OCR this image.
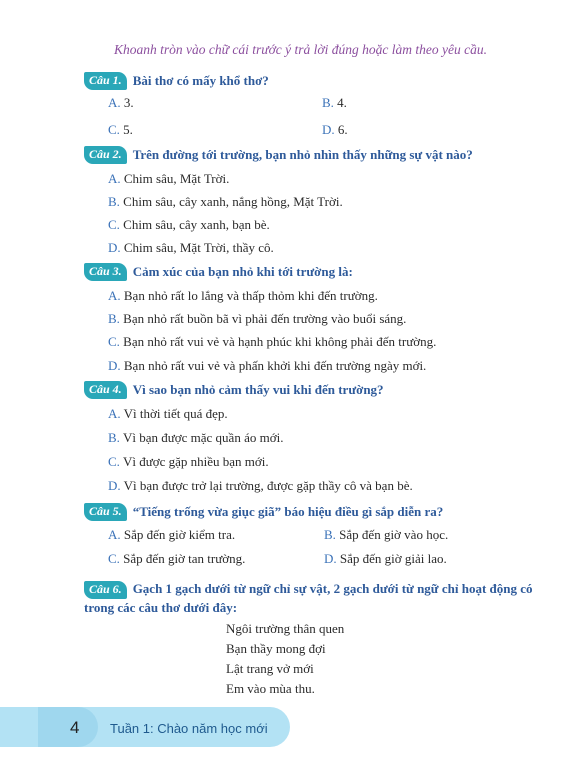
Khoanh tròn vào chữ cái trước ý trả lời đúng hoặc làm theo yêu cầu.
Câu 1. Bài thơ có mấy khổ thơ?
A. 3.	B. 4.
C. 5.	D. 6.
Câu 2. Trên đường tới trường, bạn nhỏ nhìn thấy những sự vật nào?
A. Chim sâu, Mặt Trời.
B. Chim sâu, cây xanh, nắng hồng, Mặt Trời.
C. Chim sâu, cây xanh, bạn bè.
D. Chim sâu, Mặt Trời, thầy cô.
Câu 3. Cảm xúc của bạn nhỏ khi tới trường là:
A. Bạn nhỏ rất lo lắng và thấp thỏm khi đến trường.
B. Bạn nhỏ rất buồn bã vì phải đến trường vào buổi sáng.
C. Bạn nhỏ rất vui vẻ và hạnh phúc khi không phải đến trường.
D. Bạn nhỏ rất vui vẻ và phấn khởi khi đến trường ngày mới.
Câu 4. Vì sao bạn nhỏ cảm thấy vui khi đến trường?
A. Vì thời tiết quá đẹp.
B. Vì bạn được mặc quần áo mới.
C. Vì được gặp nhiều bạn mới.
D. Vì bạn được trở lại trường, được gặp thầy cô và bạn bè.
Câu 5. “Tiếng trống vừa giục giã” báo hiệu điều gì sắp diễn ra?
A. Sắp đến giờ kiểm tra.	B. Sắp đến giờ vào học.
C. Sắp đến giờ tan trường.	D. Sắp đến giờ giải lao.
Câu 6. Gạch 1 gạch dưới từ ngữ chỉ sự vật, 2 gạch dưới từ ngữ chỉ hoạt động có trong các câu thơ dưới đây:
Ngôi trường thân quen
Bạn thầy mong đợi
Lật trang vở mới
Em vào mùa thu.
4 Tuần 1: Chào năm học mới
